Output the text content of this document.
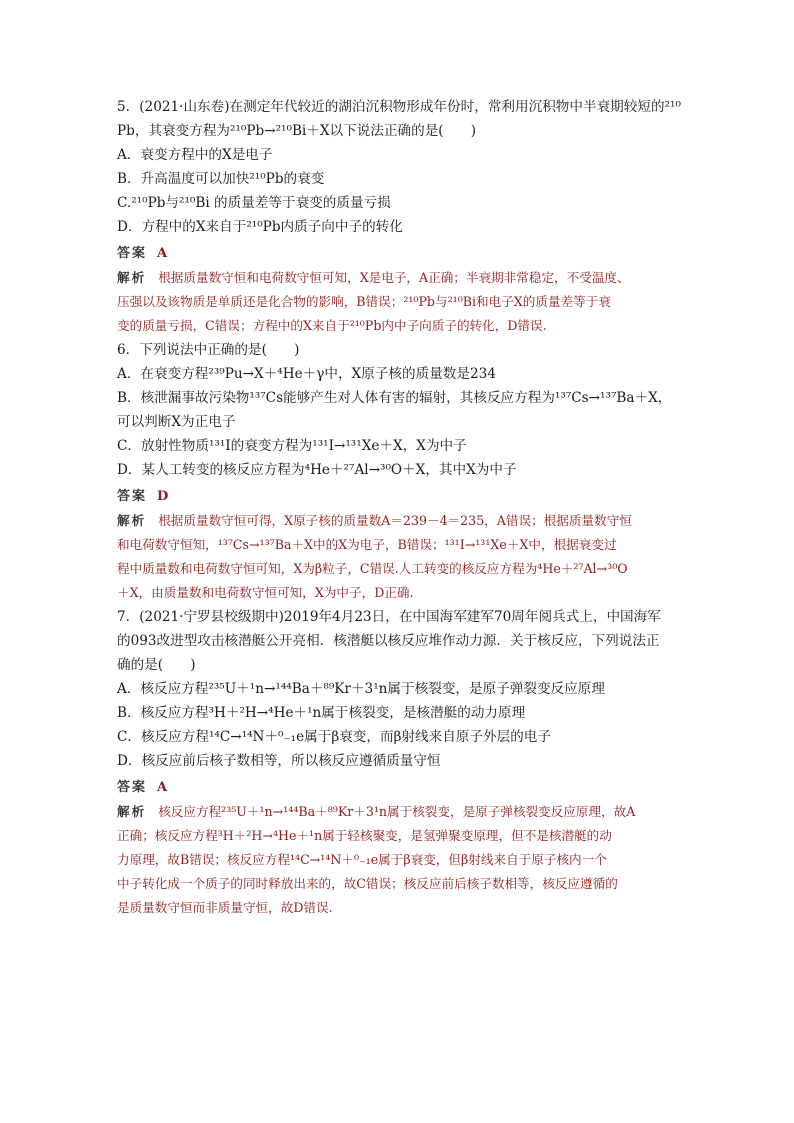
5．(2021·山东卷)在测定年代较近的湖泊沉积物形成年份时，常利用沉积物中半衰期较短的²¹⁰
Pb，其衰变方程为²¹⁰Pb→²¹⁰Bi＋X以下说法正确的是(　　)
A．衰变方程中的X是电子
B．升高温度可以加快²¹⁰Pb的衰变
C.²¹⁰Pb与²¹⁰Bi 的质量差等于衰变的质量亏损
D．方程中的X来自于²¹⁰Pb内质子向中子的转化
答案 A
解析 根据质量数守恒和电荷数守恒可知，X是电子，A正确；半衰期非常稳定，不受温度、
压强以及该物质是单质还是化合物的影响，B错误；²¹⁰Pb与²¹⁰Bi和电子X的质量差等于衰
变的质量亏损，C错误；方程中的X来自于²¹⁰Pb内中子向质子的转化，D错误.
6．下列说法中正确的是(　　)
A．在衰变方程²³⁹Pu→X＋⁴He＋γ中，X原子核的质量数是234
B．核泄漏事故污染物¹³⁷Cs能够产生对人体有害的辐射，其核反应方程为¹³⁷Cs→¹³⁷Ba＋X，
可以判断X为正电子
C．放射性物质¹³¹I的衰变方程为¹³¹I→¹³¹Xe＋X，X为中子
D．某人工转变的核反应方程为⁴He＋²⁷Al→³⁰O＋X，其中X为中子
答案 D
解析 根据质量数守恒可得，X原子核的质量数A＝239－4＝235，A错误；根据质量数守恒
和电荷数守恒知，¹³⁷Cs→¹³⁷Ba＋X中的X为电子，B错误；¹³¹I→¹³¹Xe＋X中，根据衰变过
程中质量数和电荷数守恒可知，X为β粒子，C错误.人工转变的核反应方程为⁴He＋²⁷Al→³⁰O
＋X，由质量数和电荷数守恒可知，X为中子，D正确.
7．(2021·宁罗县校级期中)2019年4月23日，在中国海军建军70周年阅兵式上，中国海军
的093改进型攻击核潜艇公开亮相．核潜艇以核反应堆作动力源．关于核反应，下列说法正
确的是(　　)
A．核反应方程²³⁵U＋¹n→¹⁴⁴Ba＋⁸⁹Kr＋3¹n属于核裂变，是原子弹裂变反应原理
B．核反应方程³H＋²H→⁴He＋¹n属于核裂变，是核潜艇的动力原理
C．核反应方程¹⁴C→¹⁴N＋⁰₋₁e属于β衰变，而β射线来自原子外层的电子
D．核反应前后核子数相等，所以核反应遵循质量守恒
答案 A
解析 核反应方程²³⁵U＋¹n→¹⁴⁴Ba＋⁸⁹Kr＋3¹n属于核裂变，是原子弹核裂变反应原理，故A
正确；核反应方程³H＋²H→⁴He＋¹n属于轻核聚变，是氢弹聚变原理，但不是核潜艇的动
力原理，故B错误；核反应方程¹⁴C→¹⁴N＋⁰₋₁e属于β衰变，但β射线来自于原子核内一个
中子转化成一个质子的同时释放出来的，故C错误；核反应前后核子数相等，核反应遵循的
是质量数守恒而非质量守恒，故D错误.
